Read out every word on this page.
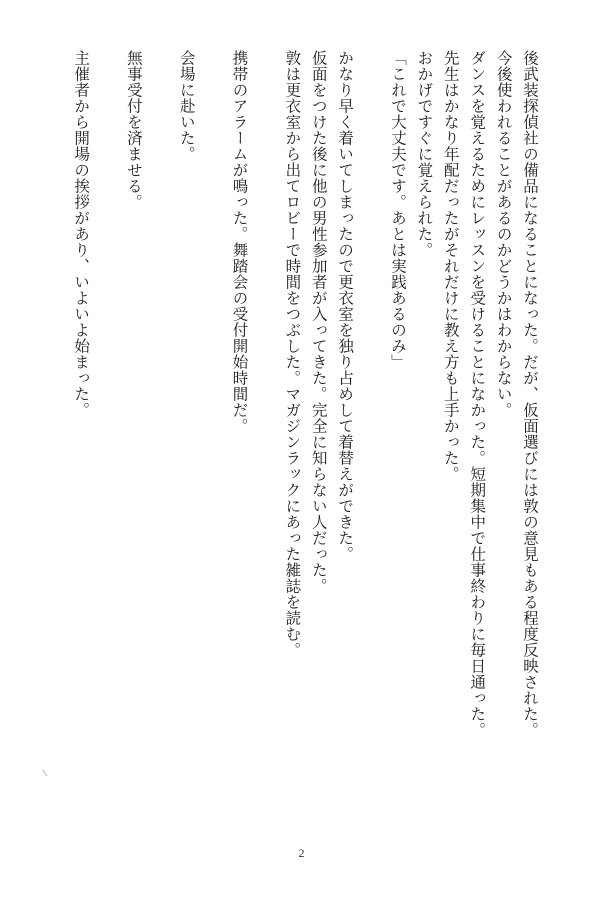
後武装探偵社の備品になることになった。だが、仮面選びには敦の意見もある程度反映された。
今後使われることがあるのかどうかはわからない。
ダンスを覚えるためにレッスンを受けることになかった。短期集中で仕事終わりに毎日通った。
先生はかなり年配だったがそれだけに教え方も上手かった。
おかげですぐに覚えられた。
「これで大丈夫です。あとは実践あるのみ」
かなり早く着いてしまったので更衣室を独り占めして着替えができた。
仮面をつけた後に他の男性参加者が入ってきた。完全に知らない人だった。
敦は更衣室から出てロビーで時間をつぶした。マガジンラックにあった雑誌を読む。
携帯のアラームが鳴った。舞踏会の受付開始時間だ。
会場に赴いた。
無事受付を済ませる。
主催者から開場の挨拶があり、いよいよ始まった。
2
